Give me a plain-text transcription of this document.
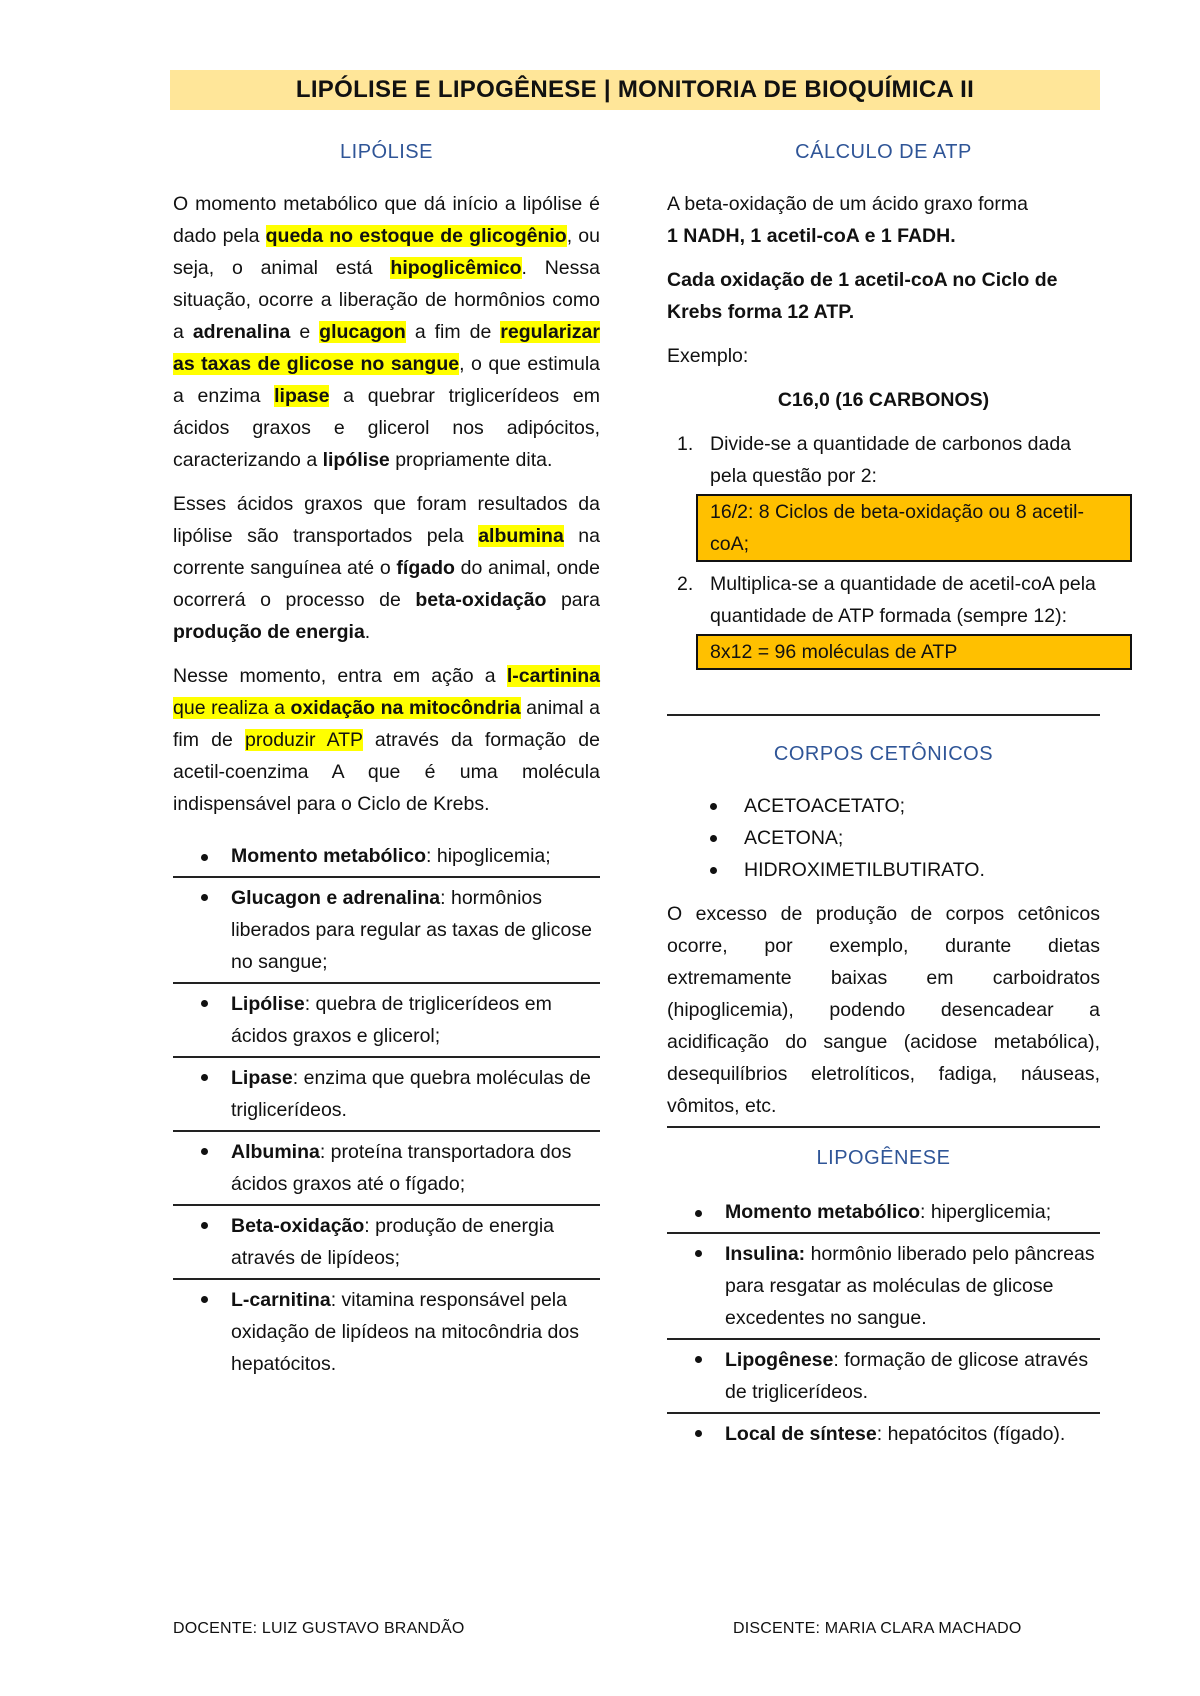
LIPÓLISE E LIPOGÊNESE | MONITORIA DE BIOQUÍMICA II
LIPÓLISE

O momento metabólico que dá início a lipólise é dado pela queda no estoque de glicogênio, ou seja, o animal está hipoglicêmico. Nessa situação, ocorre a liberação de hormônios como a adrenalina e glucagon a fim de regularizar as taxas de glicose no sangue, o que estimula a enzima lipase a quebrar triglicerídeos em ácidos graxos e glicerol nos adipócitos, caracterizando a lipólise propriamente dita.

Esses ácidos graxos que foram resultados da lipólise são transportados pela albumina na corrente sanguínea até o fígado do animal, onde ocorrerá o processo de beta-oxidação para produção de energia.

Nesse momento, entra em ação a l-cartinina que realiza a oxidação na mitocôndria animal a fim de produzir ATP através da formação de acetil-coenzima A que é uma molécula indispensável para o Ciclo de Krebs.

Momento metabólico: hipoglicemia;
Glucagon e adrenalina: hormônios liberados para regular as taxas de glicose no sangue;
Lipólise: quebra de triglicerídeos em ácidos graxos e glicerol;
Lipase: enzima que quebra moléculas de triglicerídeos.
Albumina: proteína transportadora dos ácidos graxos até o fígado;
Beta-oxidação: produção de energia através de lipídeos;
L-carnitina: vitamina responsável pela oxidação de lipídeos na mitocôndria dos hepatócitos.
CÁLCULO DE ATP

A beta-oxidação de um ácido graxo forma
1 NADH, 1 acetil-coA e 1 FADH.

Cada oxidação de 1 acetil-coA no Ciclo de Krebs forma 12 ATP.

Exemplo:

C16,0 (16 CARBONOS)

1. Divide-se a quantidade de carbonos dada pela questão por 2:
16/2: 8 Ciclos de beta-oxidação ou 8 acetil-coA;
2. Multiplica-se a quantidade de acetil-coA pela quantidade de ATP formada (sempre 12):
8x12 = 96 moléculas de ATP
CORPOS CETÔNICOS
ACETOACETATO;
ACETONA;
HIDROXIMETILBUTIRATO.

O excesso de produção de corpos cetônicos ocorre, por exemplo, durante dietas extremamente baixas em carboidratos (hipoglicemia), podendo desencadear a acidificação do sangue (acidose metabólica), desequilíbrios eletrolíticos, fadiga, náuseas, vômitos, etc.

LIPOGÊNESE
Momento metabólico: hiperglicemia;
Insulina: hormônio liberado pelo pâncreas para resgatar as moléculas de glicose excedentes no sangue.
Lipogênese: formação de glicose através de triglicerídeos.
Local de síntese: hepatócitos (fígado).
DOCENTE: LUIZ GUSTAVO BRANDÃO	DISCENTE: MARIA CLARA MACHADO
